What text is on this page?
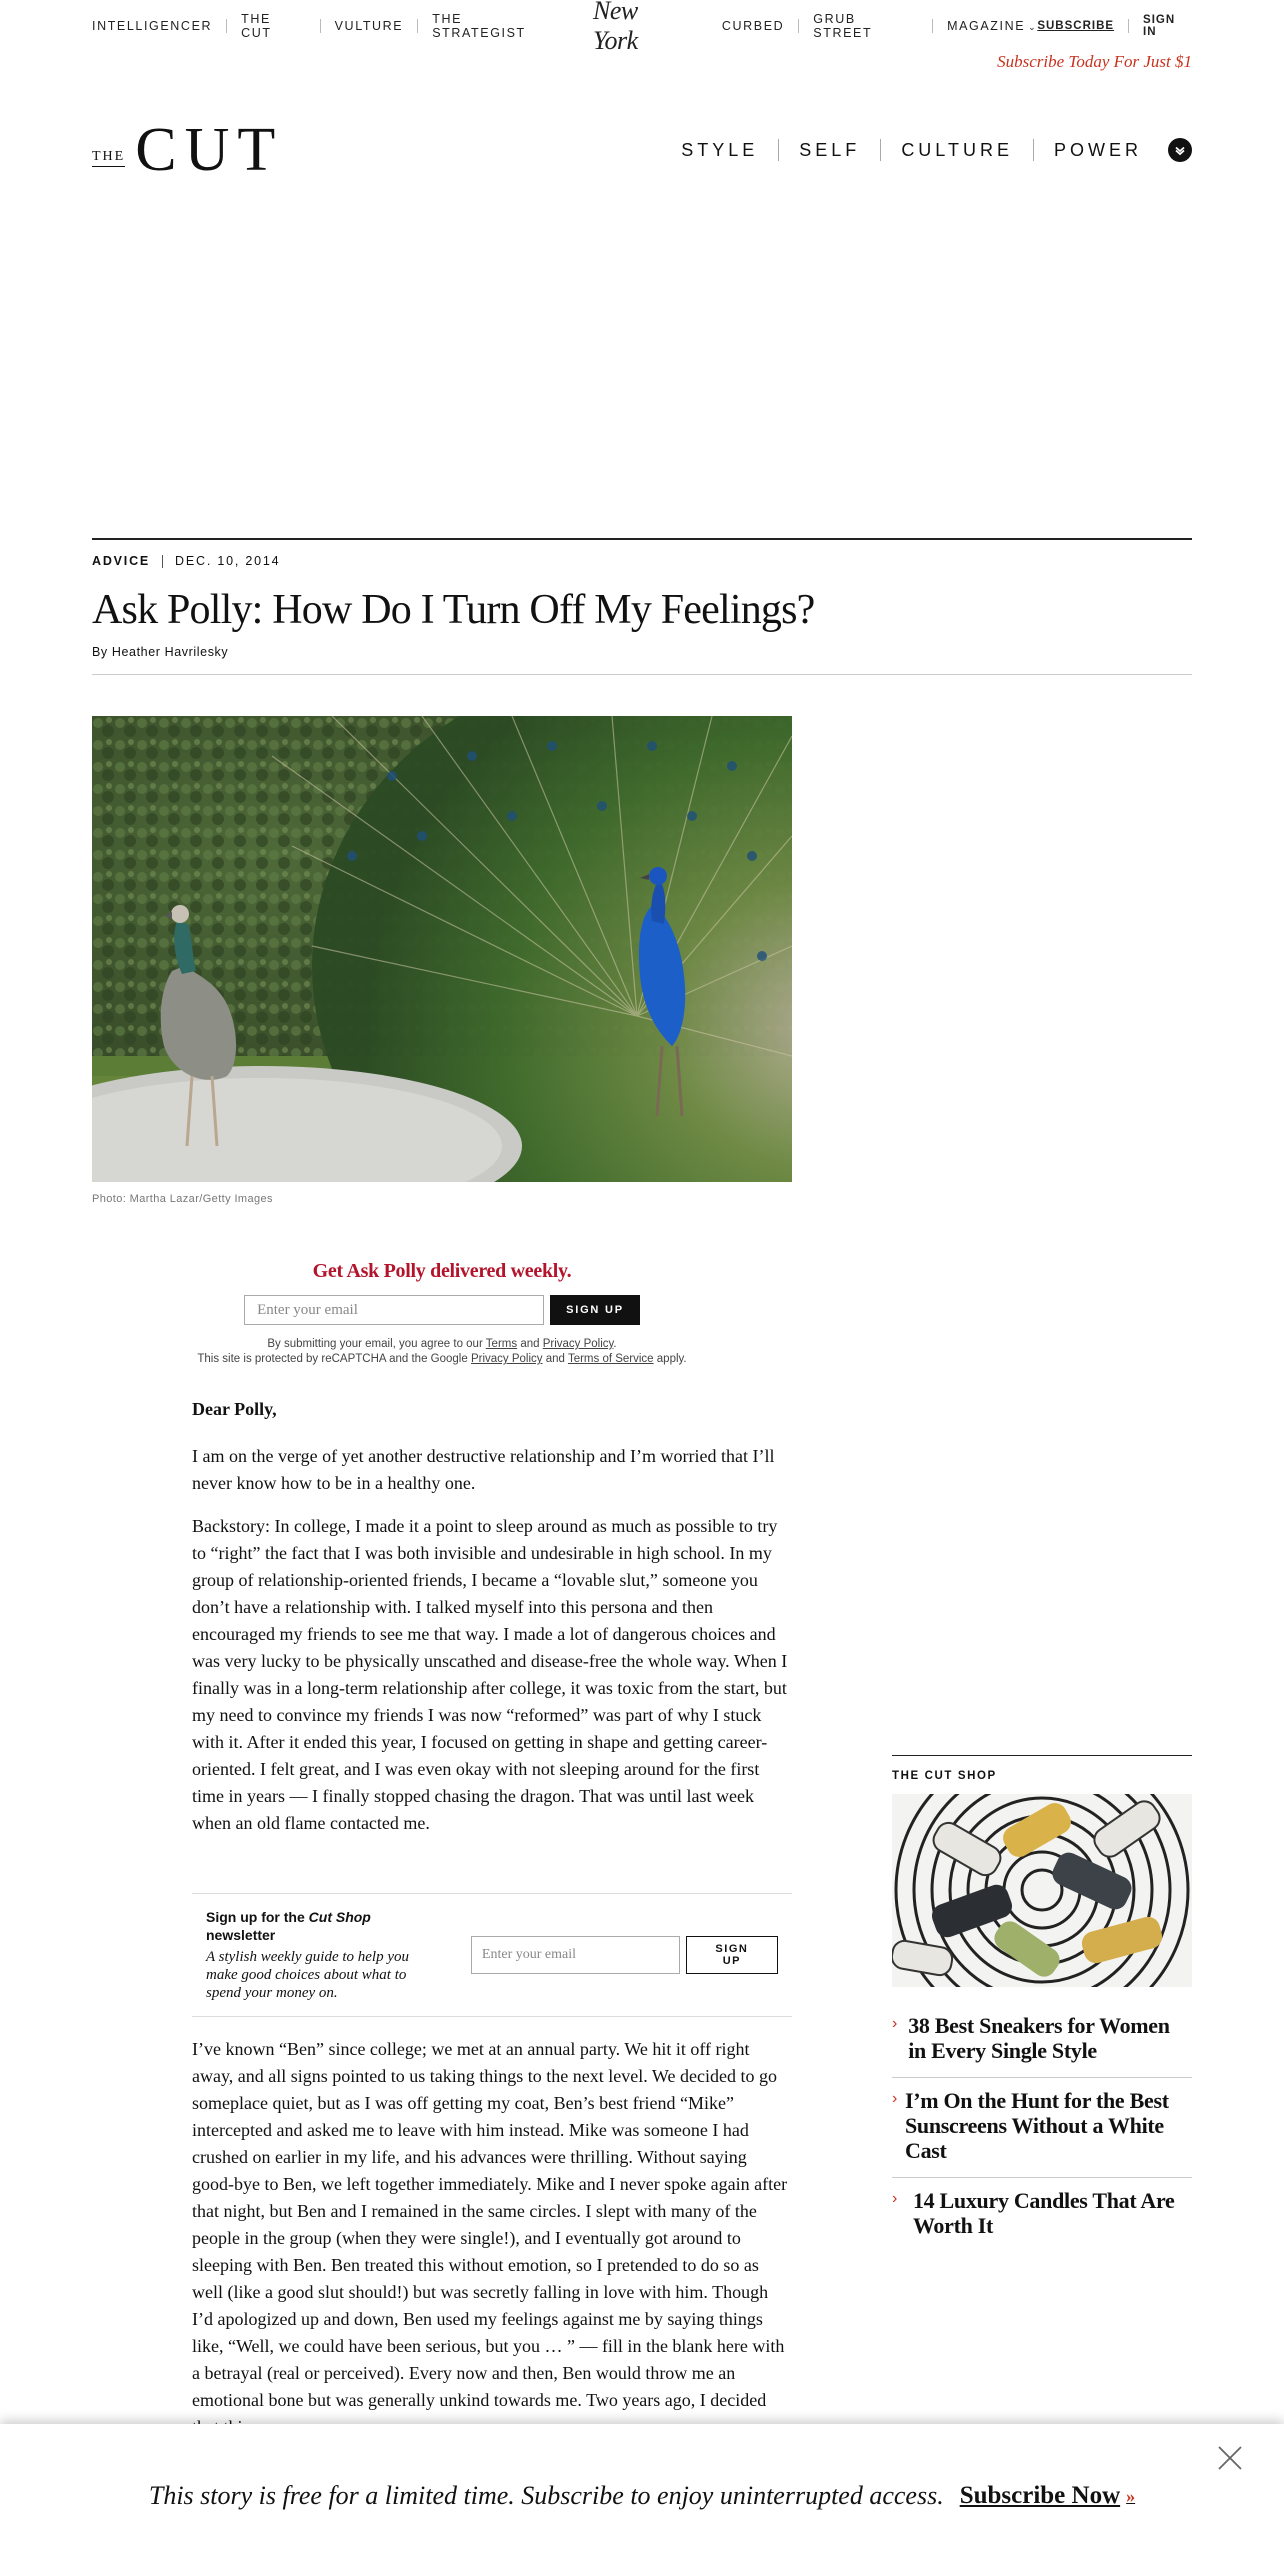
INTELLIGENCER THE CUT	VULTURE THE STRATEGIST
New York	CURBED GRUB STREET	MAGAZINE ⌄ SUBSCRIBE	SIGN IN
Subscribe Today For Just $1
THE CUT	STYLE SELF CULTURE POWER
ADVICE DEC. 10, 2014
Ask Polly: How Do I Turn Off My Feelings?
By Heather Havrilesky
Photo: Martha Lazar/Getty Images
Get Ask Polly delivered weekly.
Enter your email
SIGN UP
By submitting your email, you agree to our Terms and Privacy Policy.
This site is protected by reCAPTCHA and the Google Privacy Policy and Terms of Service apply.

Dear Polly,

I am on the verge of yet another destructive relationship and I’m worried that I’ll never know how to be in a healthy one.

Backstory: In college, I made it a point to sleep around as much as possible to try to “right” the fact that I was both invisible and undesirable in high school. In my group of relationship-oriented friends, I became a “lovable slut,” someone you don’t have a relationship with. I talked myself into this persona and then encouraged my friends to see me that way. I made a lot of dangerous choices and was very lucky to be physically unscathed and disease-free the whole way. When I finally was in a long-term relationship after college, it was toxic from the start, but my need to convince my friends I was now “reformed” was part of why I stuck with it. After it ended this year, I focused on getting in shape and getting career-oriented. I felt great, and I was even okay with not sleeping around for the first time in years — I finally stopped chasing the dragon. That was until last week when an old flame contacted me.

Sign up for the Cut Shop newsletter
A stylish weekly guide to help you make good choices about what to spend your money on.
Enter your email
SIGN UP

I’ve known “Ben” since college; we met at an annual party. We hit it off right away, and all signs pointed to us taking things to the next level. We decided to go someplace quiet, but as I was off getting my coat, Ben’s best friend “Mike” intercepted and asked me to leave with him instead. Mike was someone I had crushed on earlier in my life, and his advances were thrilling. Without saying good-bye to Ben, we left together immediately. Mike and I never spoke again after that night, but Ben and I remained in the same circles. I slept with many of the people in the group (when they were single!), and I eventually got around to sleeping with Ben. Ben treated this without emotion, so I pretended to do so as well (like a good slut should!) but was secretly falling in love with him. Though I’d apologized up and down, Ben used my feelings against me by saying things like, “Well, we could have been serious, but you … ” — fill in the blank here with a betrayal (real or perceived). Every now and then, Ben would throw me an emotional bone but was generally unkind towards me. Two years ago, I decided

THE CUT SHOP
› 38 Best Sneakers for Women in Every Single Style
› I’m On the Hunt for the Best Sunscreens Without a White Cast
› 14 Luxury Candles That Are Worth It
This story is free for a limited time. Subscribe to enjoy uninterrupted access. Subscribe Now »
